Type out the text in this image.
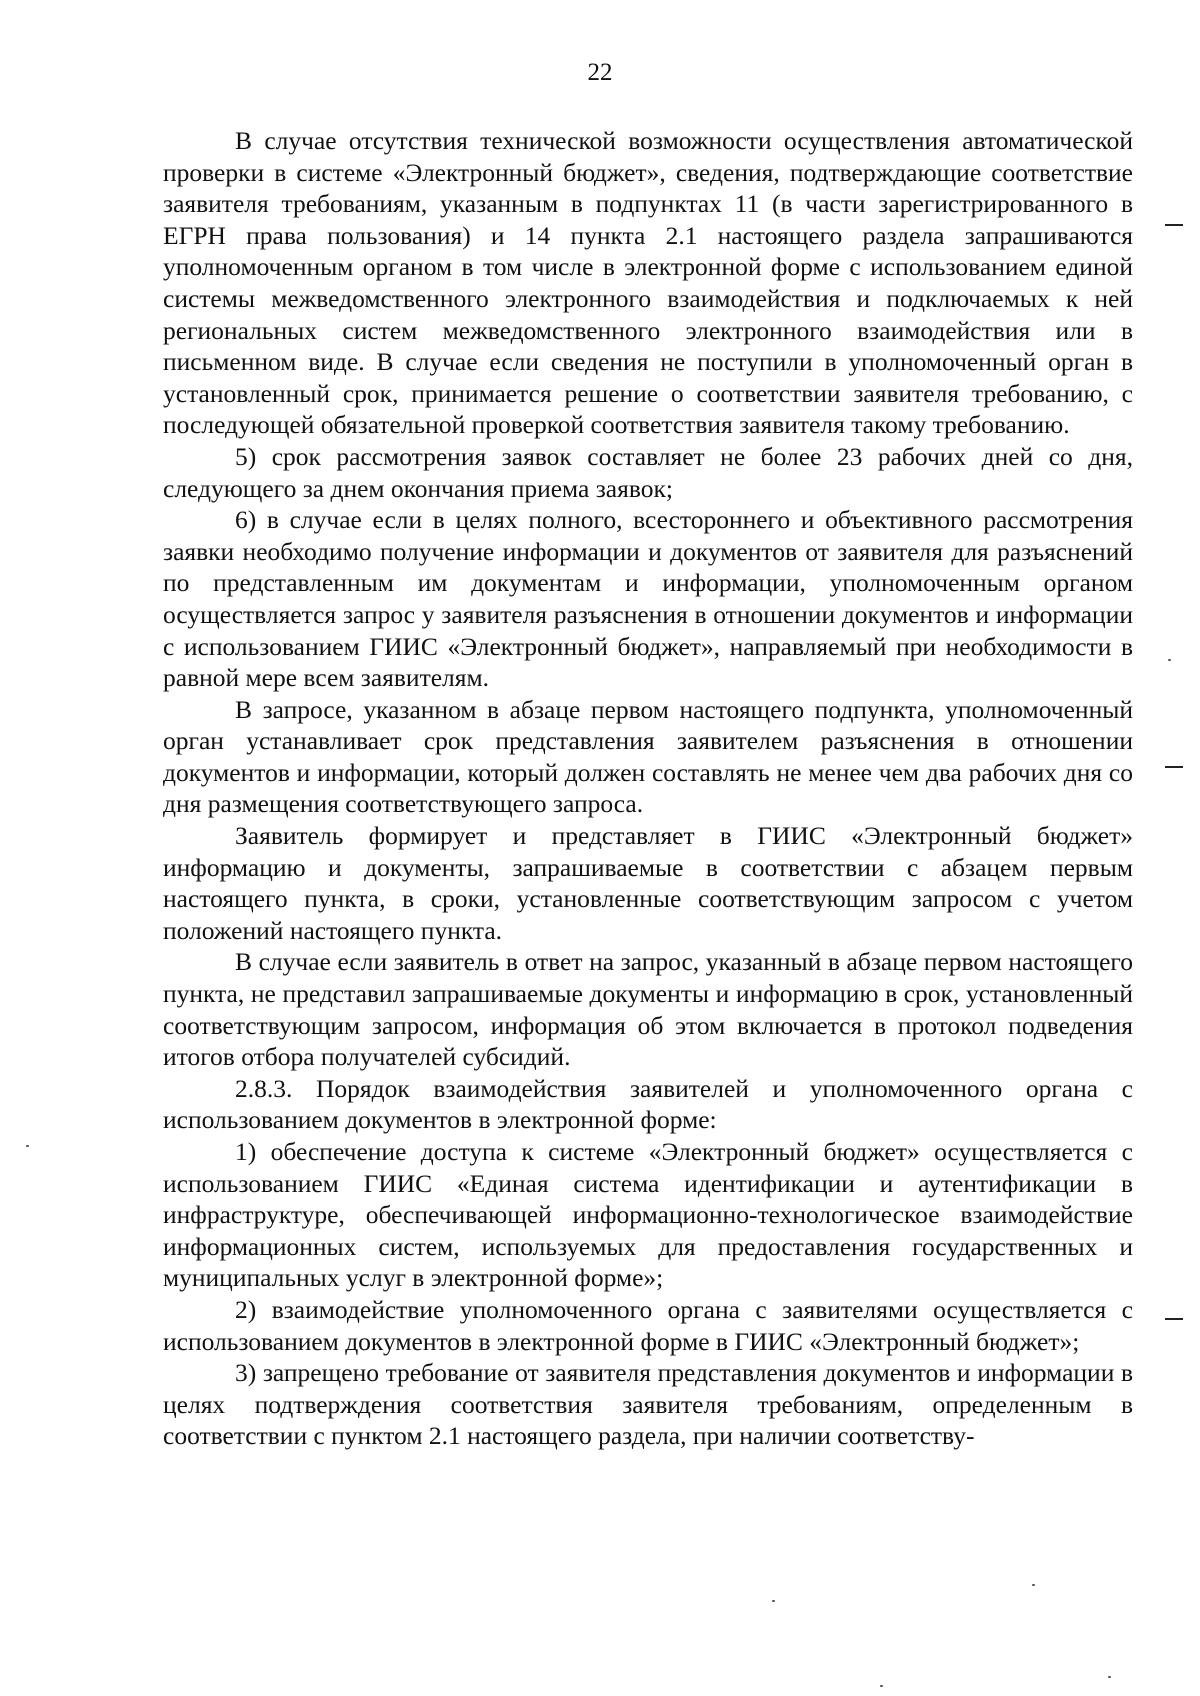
22

В случае отсутствия технической возможности осуществления автоматической проверки в системе «Электронный бюджет», сведения, подтверждающие соответствие заявителя требованиям, указанным в подпунктах 11 (в части зарегистрированного в ЕГРН права пользования) и 14 пункта 2.1 настоящего раздела запрашиваются уполномоченным органом в том числе в электронной форме с использованием единой системы межведомственного электронного взаимодействия и подключаемых к ней региональных систем межведомственного электронного взаимодействия или в письменном виде. В случае если сведения не поступили в уполномоченный орган в установленный срок, принимается решение о соответствии заявителя требованию, с последующей обязательной проверкой соответствия заявителя такому требованию.

5) срок рассмотрения заявок составляет не более 23 рабочих дней со дня, следующего за днем окончания приема заявок;

6) в случае если в целях полного, всестороннего и объективного рассмотрения заявки необходимо получение информации и документов от заявителя для разъяснений по представленным им документам и информации, уполномоченным органом осуществляется запрос у заявителя разъяснения в отношении документов и информации с использованием ГИИС «Электронный бюджет», направляемый при необходимости в равной мере всем заявителям.

В запросе, указанном в абзаце первом настоящего подпункта, уполномоченный орган устанавливает срок представления заявителем разъяснения в отношении документов и информации, который должен составлять не менее чем два рабочих дня со дня размещения соответствующего запроса.

Заявитель формирует и представляет в ГИИС «Электронный бюджет» информацию и документы, запрашиваемые в соответствии с абзацем первым настоящего пункта, в сроки, установленные соответствующим запросом с учетом положений настоящего пункта.

В случае если заявитель в ответ на запрос, указанный в абзаце первом настоящего пункта, не представил запрашиваемые документы и информацию в срок, установленный соответствующим запросом, информация об этом включается в протокол подведения итогов отбора получателей субсидий.

2.8.3. Порядок взаимодействия заявителей и уполномоченного органа с использованием документов в электронной форме:

1) обеспечение доступа к системе «Электронный бюджет» осуществляется с использованием ГИИС «Единая система идентификации и аутентификации в инфраструктуре, обеспечивающей информационно-технологическое взаимодействие информационных систем, используемых для предоставления государственных и муниципальных услуг в электронной форме»;

2) взаимодействие уполномоченного органа с заявителями осуществляется с использованием документов в электронной форме в ГИИС «Электронный бюджет»;

3) запрещено требование от заявителя представления документов и информации в целях подтверждения соответствия заявителя требованиям, определенным в соответствии с пунктом 2.1 настоящего раздела, при наличии соответству-
